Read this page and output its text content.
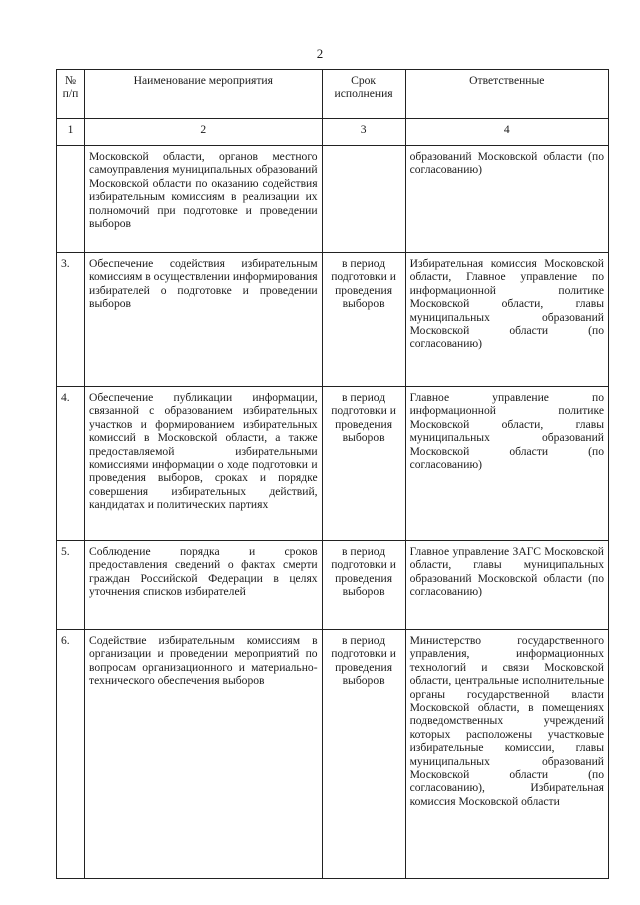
2
№ п/п	Наименование мероприятия	Срок исполнения	Ответственные
1	2	3	4
	Московской области, органов местного самоуправления муниципальных образований Московской области по оказанию содействия избирательным комиссиям в реализации их полномочий при подготовке и проведении выборов		образований Московской области (по согласованию)
3.	Обеспечение содействия избирательным комиссиям в осуществлении информирования избирателей о подготовке и проведении выборов	в период подготовки и проведения выборов	Избирательная комиссия Московской области, Главное управление по информационной политике Московской области, главы муниципальных образований Московской области (по согласованию)
4.	Обеспечение публикации информации, связанной с образованием избирательных участков и формированием избирательных комиссий в Московской области, а также предоставляемой избирательными комиссиями информации о ходе подготовки и проведения выборов, сроках и порядке совершения избирательных действий, кандидатах и политических партиях	в период подготовки и проведения выборов	Главное управление по информационной политике Московской области, главы муниципальных образований Московской области (по согласованию)
5.	Соблюдение порядка и сроков предоставления сведений о фактах смерти граждан Российской Федерации в целях уточнения списков избирателей	в период подготовки и проведения выборов	Главное управление ЗАГС Московской области, главы муниципальных образований Московской области (по согласованию)
6.	Содействие избирательным комиссиям в организации и проведении мероприятий по вопросам организационного и материально-технического обеспечения выборов	в период подготовки и проведения выборов	Министерство государственного управления, информационных технологий и связи Московской области, центральные исполнительные органы государственной власти Московской области, в помещениях подведомственных учреждений которых расположены участковые избирательные комиссии, главы муниципальных образований Московской области (по согласованию), Избирательная комиссия Московской области
